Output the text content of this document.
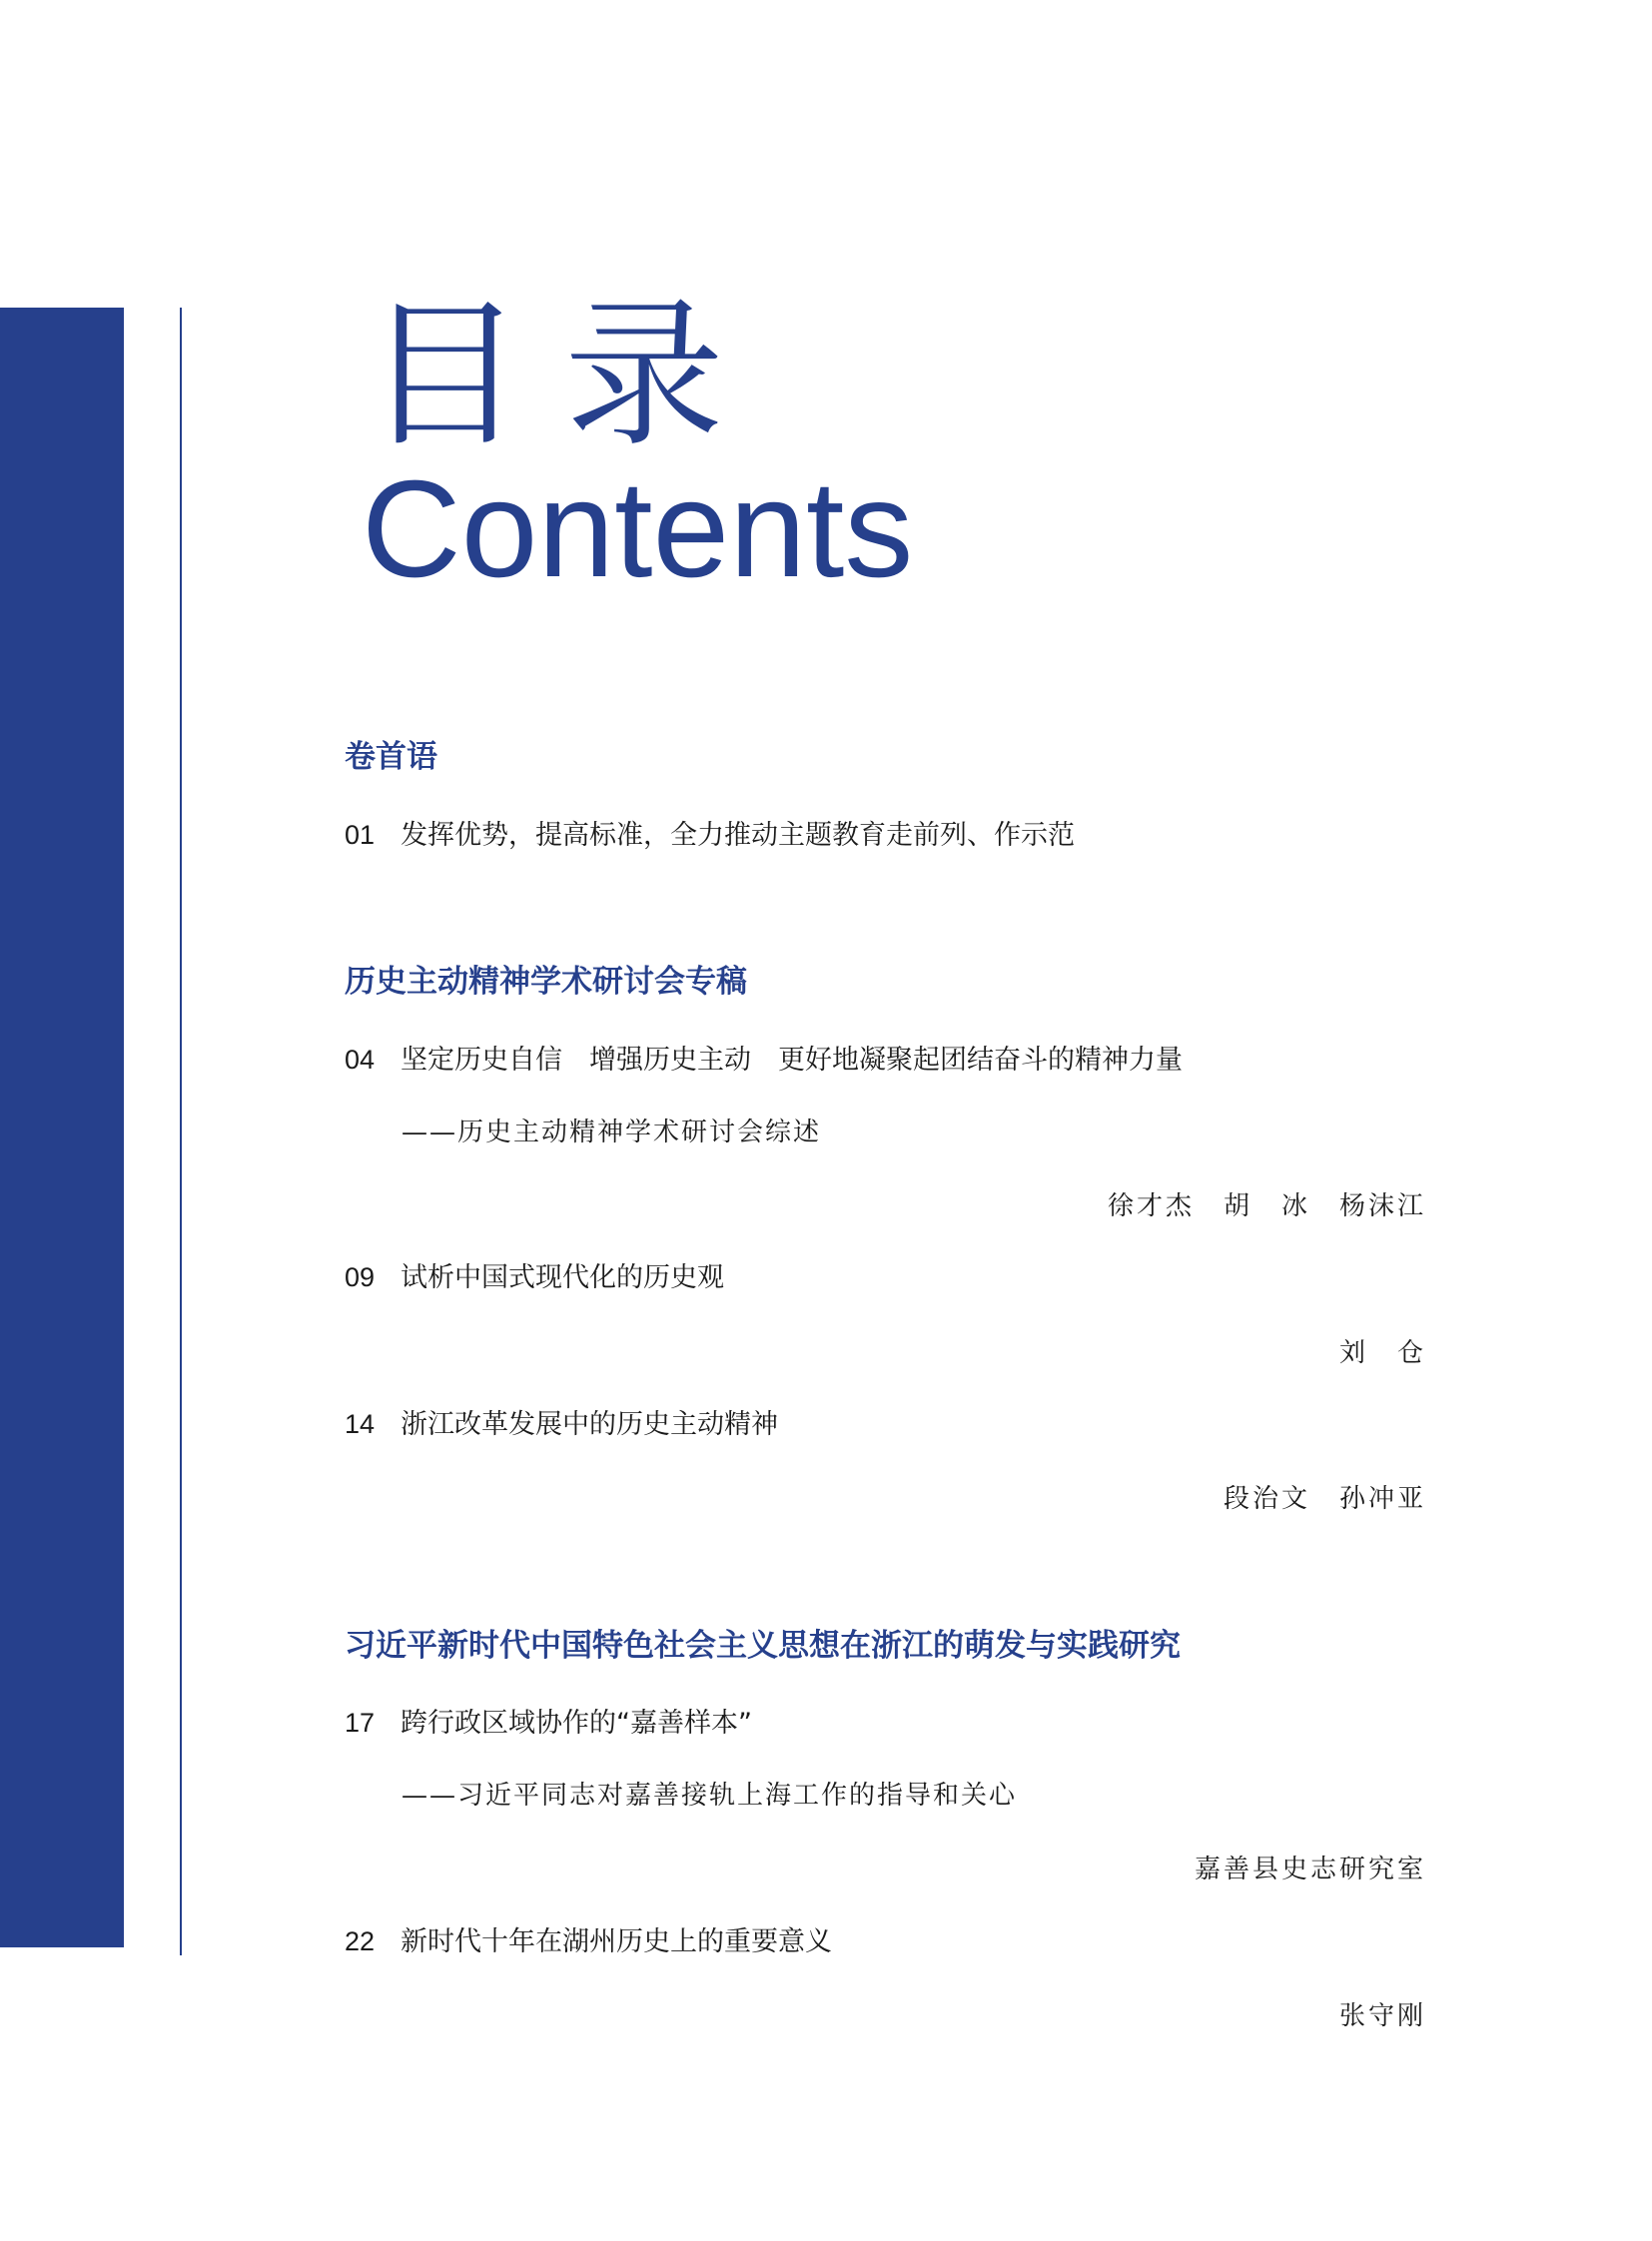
目录
Contents
卷首语
01 发挥优势，提高标准，全力推动主题教育走前列、作示范
历史主动精神学术研讨会专稿
04 坚定历史自信　增强历史主动　更好地凝聚起团结奋斗的精神力量
——历史主动精神学术研讨会综述
徐才杰　胡　冰　杨沫江
09 试析中国式现代化的历史观
刘　仓
14 浙江改革发展中的历史主动精神
段治文　孙冲亚
习近平新时代中国特色社会主义思想在浙江的萌发与实践研究
17 跨行政区域协作的“嘉善样本”
——习近平同志对嘉善接轨上海工作的指导和关心
嘉善县史志研究室
22 新时代十年在湖州历史上的重要意义
张守刚
